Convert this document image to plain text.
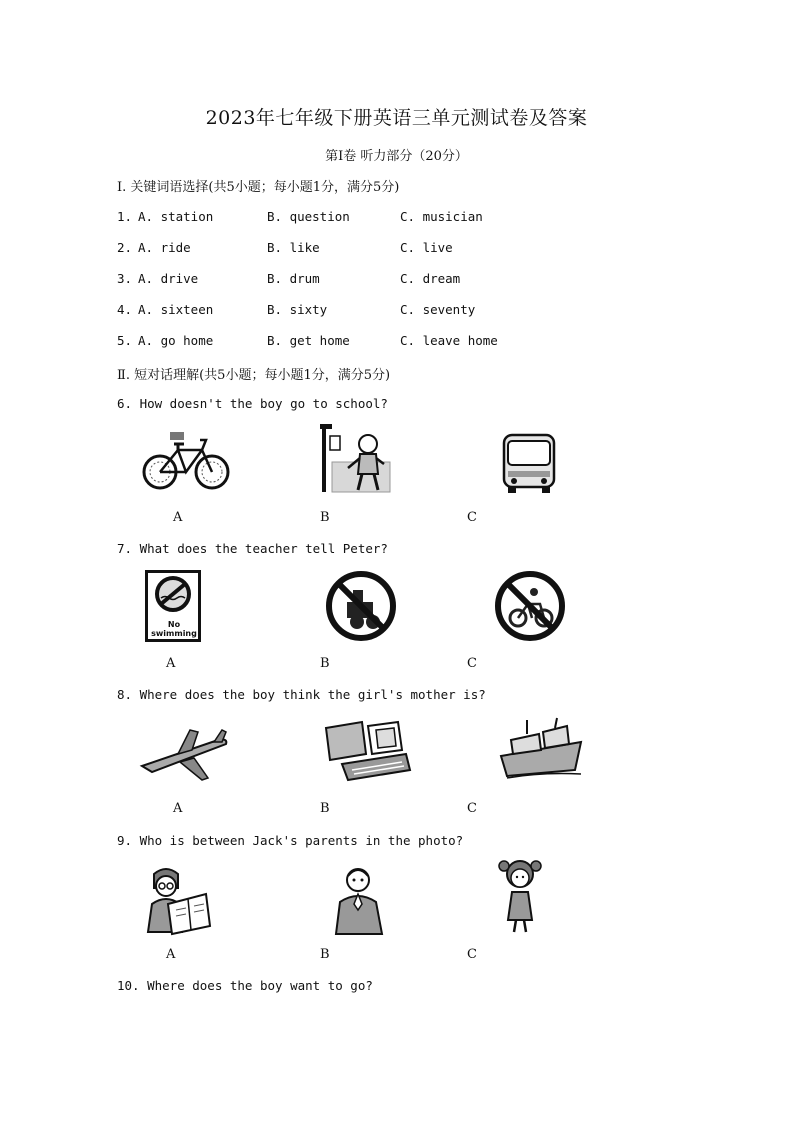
2023年七年级下册英语三单元测试卷及答案
第Ⅰ卷 听力部分（20分）
Ⅰ. 关键词语选择(共5小题；每小题1分，满分5分)
1. A. station	B. question	C. musician
2. A. ride	B. like	C. live
3. A. drive	B. drum	C. dream
4. A. sixteen	B. sixty	C. seventy
5. A. go home	B. get home	C. leave home
Ⅱ. 短对话理解(共5小题；每小题1分，满分5分)
6. How doesn't the boy go to school?
A	B	C
7. What does the teacher tell Peter?
No swimming
A	B	C
8. Where does the boy think the girl's mother is?
A	B	C
9. Who is between Jack's parents in the photo?
A	B	C
10. Where does the boy want to go?
